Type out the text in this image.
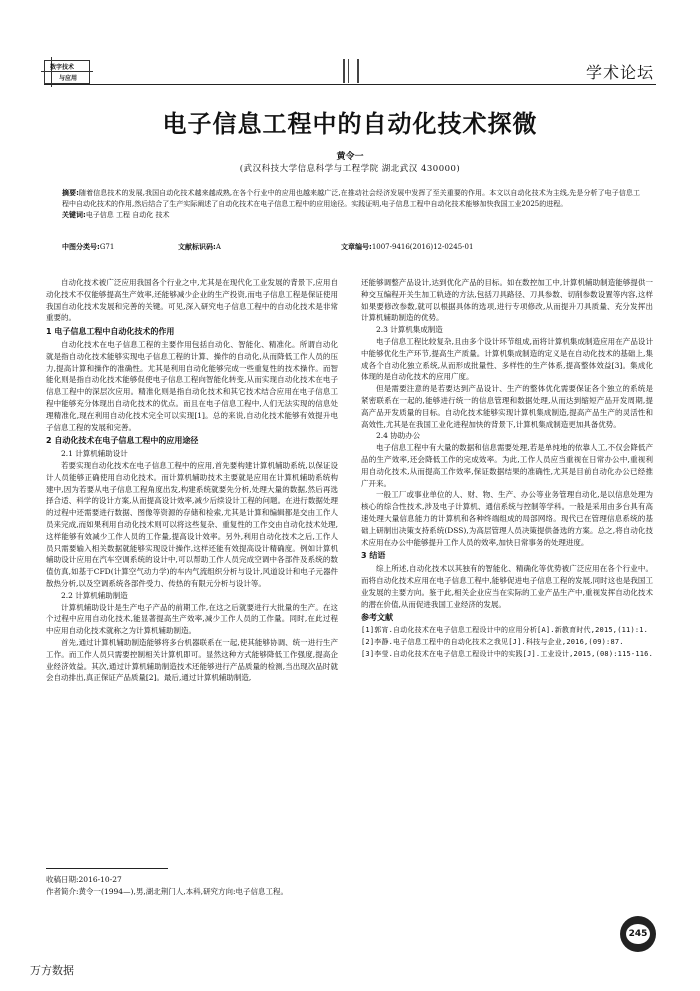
数字技术
与应用	学术论坛
电子信息工程中的自动化技术探微
黄令一
(武汉科技大学信息科学与工程学院 湖北武汉 430000)
摘要:随着信息技术的发展,我国自动化技术越来越成熟,在各个行业中的应用也越来越广泛,在推动社会经济发展中发挥了至关重要的作用。本文以自动化技术为主线,先是分析了电子信息工程中自动化技术的作用,然后结合了生产实际阐述了自动化技术在电子信息工程中的应用途径。实践证明,电子信息工程中自动化技术能够加快我国工业2025的进程。
关键词:电子信息 工程 自动化 技术
中图分类号:G71	文献标识码:A	文章编号:1007-9416(2016)12-0245-01
自动化技术被广泛应用我国各个行业之中,尤其是在现代化工业发展的背景下,应用自动化技术不仅能够提高生产效率,还能够减少企业的生产投资,而电子信息工程是保证使用我国自动化技术发展和完善的关键。可见,深入研究电子信息工程中的自动化技术是非常重要的。
1 电子信息工程中自动化技术的作用
自动化技术在电子信息工程的主要作用包括自动化、智能化、精准化。所谓自动化就是指自动化技术能够实现电子信息工程的计算、操作的自动化,从而降低工作人员的压力,提高计算和操作的准确性。尤其是利用自动化能够完成一些重复性的技术操作。而智能化则是指自动化技术能够促使电子信息工程向智能化转变,从而实现自动化技术在电子信息工程中的深层次应用。精准化则是指自动化技术和其它技术结合应用在电子信息工程中能够充分体现出自动化技术的优点。而且在电子信息工程中,人们无法实现的信息处理精准化,现在利用自动化技术完全可以实现[1]。总的来说,自动化技术能够有效提升电子信息工程的发展和完善。
2 自动化技术在电子信息工程中的应用途径
2.1 计算机辅助设计
若要实现自动化技术在电子信息工程中的应用,首先要构建计算机辅助系统,以保证设计人员能够正确使用自动化技术。而计算机辅助技术主要就是应用在计算机辅助系统构建中,因为若要从电子信息工程角度出发,构建系统就要先分析,处理大量的数据,然后再选择合适、科学的设计方案,从而提高设计效率,减少后续设计工程的问题。在进行数据处理的过程中还需要进行数据、图像等资源的存储和检索,尤其是计算和编辑都是交由工作人员来完成,而如果利用自动化技术则可以将这些复杂、重复性的工作交由自动化技术处理,这样能够有效减少工作人员的工作量,提高设计效率。另外,利用自动化技术之后,工作人员只需要输入相关数据就能够实现设计操作,这样还能有效提高设计精确度。例如计算机辅助设计应用在汽车空调系统的设计中,可以帮助工作人员完成空调中各部件及系统的数值仿真,如基于CFD(计算空气动力学)的车内气流组织分析与设计,风道设计和电子元器件散热分析,以及空调系统各部件受力、传热的有限元分析与设计等。
2.2 计算机辅助制造
计算机辅助设计是生产电子产品的前期工作,在这之后就要进行大批量的生产。在这个过程中应用自动化技术,能显著提高生产效率,减少工作人员的工作量。同时,在此过程中应用自动化技术就称之为计算机辅助制造。
首先,通过计算机辅助制造能够将多台机器联系在一起,使其能够协调、统一进行生产工作。而工作人员只需要控制相关计算机即可。显然这种方式能够降低工作强度,提高企业经济效益。其次,通过计算机辅助制造技术还能够进行产品质量的检测,当出现次品时就会自动排出,真正保证产品质量[2]。最后,通过计算机辅助制造,
还能够调整产品设计,达到优化产品的目标。如在数控加工中,计算机辅助制造能够提供一种交互编程开关生加工轨迹的方法,包括刀具路径、刀具参数、切削参数设置等内容,这样如果要修改参数,就可以根据具体的选项,进行专项修改,从而提升刀具质量、充分发挥出计算机辅助制造的优势。
2.3 计算机集成制造
电子信息工程比较复杂,且由多个设计环节组成,而将计算机集成制造应用在产品设计中能够优化生产环节,提高生产质量。计算机集成制造的定义是在自动化技术的基础上,集成各个自动化独立系统,从而形成批量性、多样性的生产体系,提高整体效益[3]。集成化体现的是自动化技术的应用广度。
但是需要注意的是若要达到产品设计、生产的整体优化需要保证各个独立的系统是紧密联系在一起的,能够进行统一的信息管理和数据处理,从而达到缩短产品开发周期,提高产品开发质量的目标。自动化技术能够实现计算机集成制造,提高产品生产的灵活性和高效性,尤其是在我国工业化进程加快的背景下,计算机集成制造更加具备优势。
2.4 协助办公
电子信息工程中有大量的数据和信息需要处理,若是单纯地的依靠人工,不仅会降低产品的生产效率,还会降低工作的完成效率。为此,工作人员应当重视在日常办公中,重视利用自动化技术,从而提高工作效率,保证数据结果的准确性,尤其是目前自动化办公已经推广开来。
一般工厂或事业单位的人、财、物、生产、办公等业务管理自动化,是以信息处理为核心的综合性技术,涉及电子计算机、通信系统与控制等学科。一般是采用由多台具有高速处理大量信息能力的计算机和各种终端组成的局部网络。现代已在管理信息系统的基础上研制出决策支持系统(DSS),为高层管理人员决策提供备选的方案。总之,将自动化技术应用在办公中能够提升工作人员的效率,加快日常事务的处理进度。
3 结语
综上所述,自动化技术以其独有的智能化、精确化等优势被广泛应用在各个行业中。而将自动化技术应用在电子信息工程中,能够促进电子信息工程的发展,同时这也是我国工业发展的主要方向。鉴于此,相关企业应当在实际的工业产品生产中,重视发挥自动化技术的潜在价值,从而促进我国工业经济的发展。
参考文献
[1]郭宵.自动化技术在电子信息工程设计中的应用分析[A].新教育时代,2015,(11):1.
[2]李静.电子信息工程中的自动化技术之我见[J].科技与企业,2016,(09):87.
[3]李莹.自动化技术在电子信息工程设计中的实践[J].工业设计,2015,(08):115-116.
收稿日期:2016-10-27
作者简介:黄令一(1994—),男,湖北荆门人,本科,研究方向:电子信息工程。
245
万方数据
